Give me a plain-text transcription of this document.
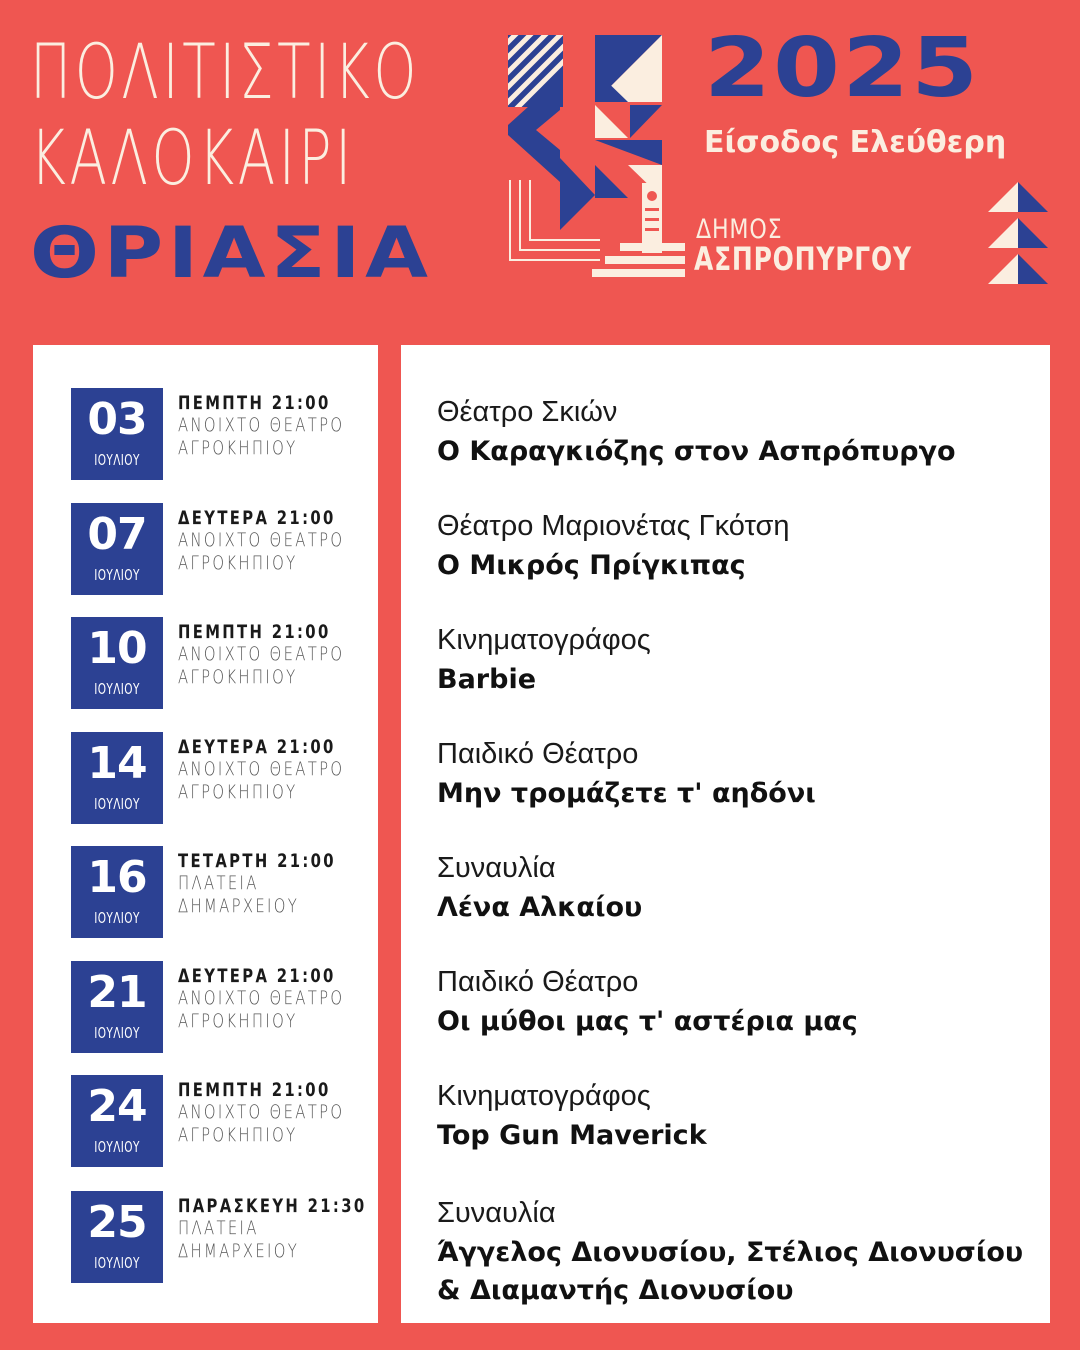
ΠΟΛΙΤΙΣΤΙΚΟ
ΚΑΛΟΚΑΙΡΙ
ΘΡΙΑΣΙΑ
2025
Είσοδος Ελεύθερη
ΔΗΜΟΣ
ΑΣΠΡΟΠΥΡΓΟΥ
03
ΙΟΥΛΙΟΥ
ΠΕΜΠΤΗ 21:00
ΑΝΟΙΧΤΟ ΘΕΑΤΡΟ
ΑΓΡΟΚΗΠΙΟΥ
07
ΙΟΥΛΙΟΥ
ΔΕΥΤΕΡΑ 21:00
ΑΝΟΙΧΤΟ ΘΕΑΤΡΟ
ΑΓΡΟΚΗΠΙΟΥ
10
ΙΟΥΛΙΟΥ
ΠΕΜΠΤΗ 21:00
ΑΝΟΙΧΤΟ ΘΕΑΤΡΟ
ΑΓΡΟΚΗΠΙΟΥ
14
ΙΟΥΛΙΟΥ
ΔΕΥΤΕΡΑ 21:00
ΑΝΟΙΧΤΟ ΘΕΑΤΡΟ
ΑΓΡΟΚΗΠΙΟΥ
16
ΙΟΥΛΙΟΥ
ΤΕΤΑΡΤΗ 21:00
ΠΛΑΤΕΙΑ
ΔΗΜΑΡΧΕΙΟΥ
21
ΙΟΥΛΙΟΥ
ΔΕΥΤΕΡΑ 21:00
ΑΝΟΙΧΤΟ ΘΕΑΤΡΟ
ΑΓΡΟΚΗΠΙΟΥ
24
ΙΟΥΛΙΟΥ
ΠΕΜΠΤΗ 21:00
ΑΝΟΙΧΤΟ ΘΕΑΤΡΟ
ΑΓΡΟΚΗΠΙΟΥ
25
ΙΟΥΛΙΟΥ
ΠΑΡΑΣΚΕΥΗ 21:30
ΠΛΑΤΕΙΑ
ΔΗΜΑΡΧΕΙΟΥ
Θέατρο Σκιών
Ο Καραγκιόζης στον Ασπρόπυργο
Θέατρο Μαριονέτας Γκότση
Ο Μικρός Πρίγκιπας
Κινηματογράφος
Barbie
Παιδικό Θέατρο
Μην τρομάζετε τ' αηδόνι
Συναυλία
Λένα Αλκαίου
Παιδικό Θέατρο
Οι μύθοι μας τ' αστέρια μας
Κινηματογράφος
Top Gun Maverick
Συναυλία
Άγγελος Διονυσίου, Στέλιος Διονυσίου
& Διαμαντής Διονυσίου
